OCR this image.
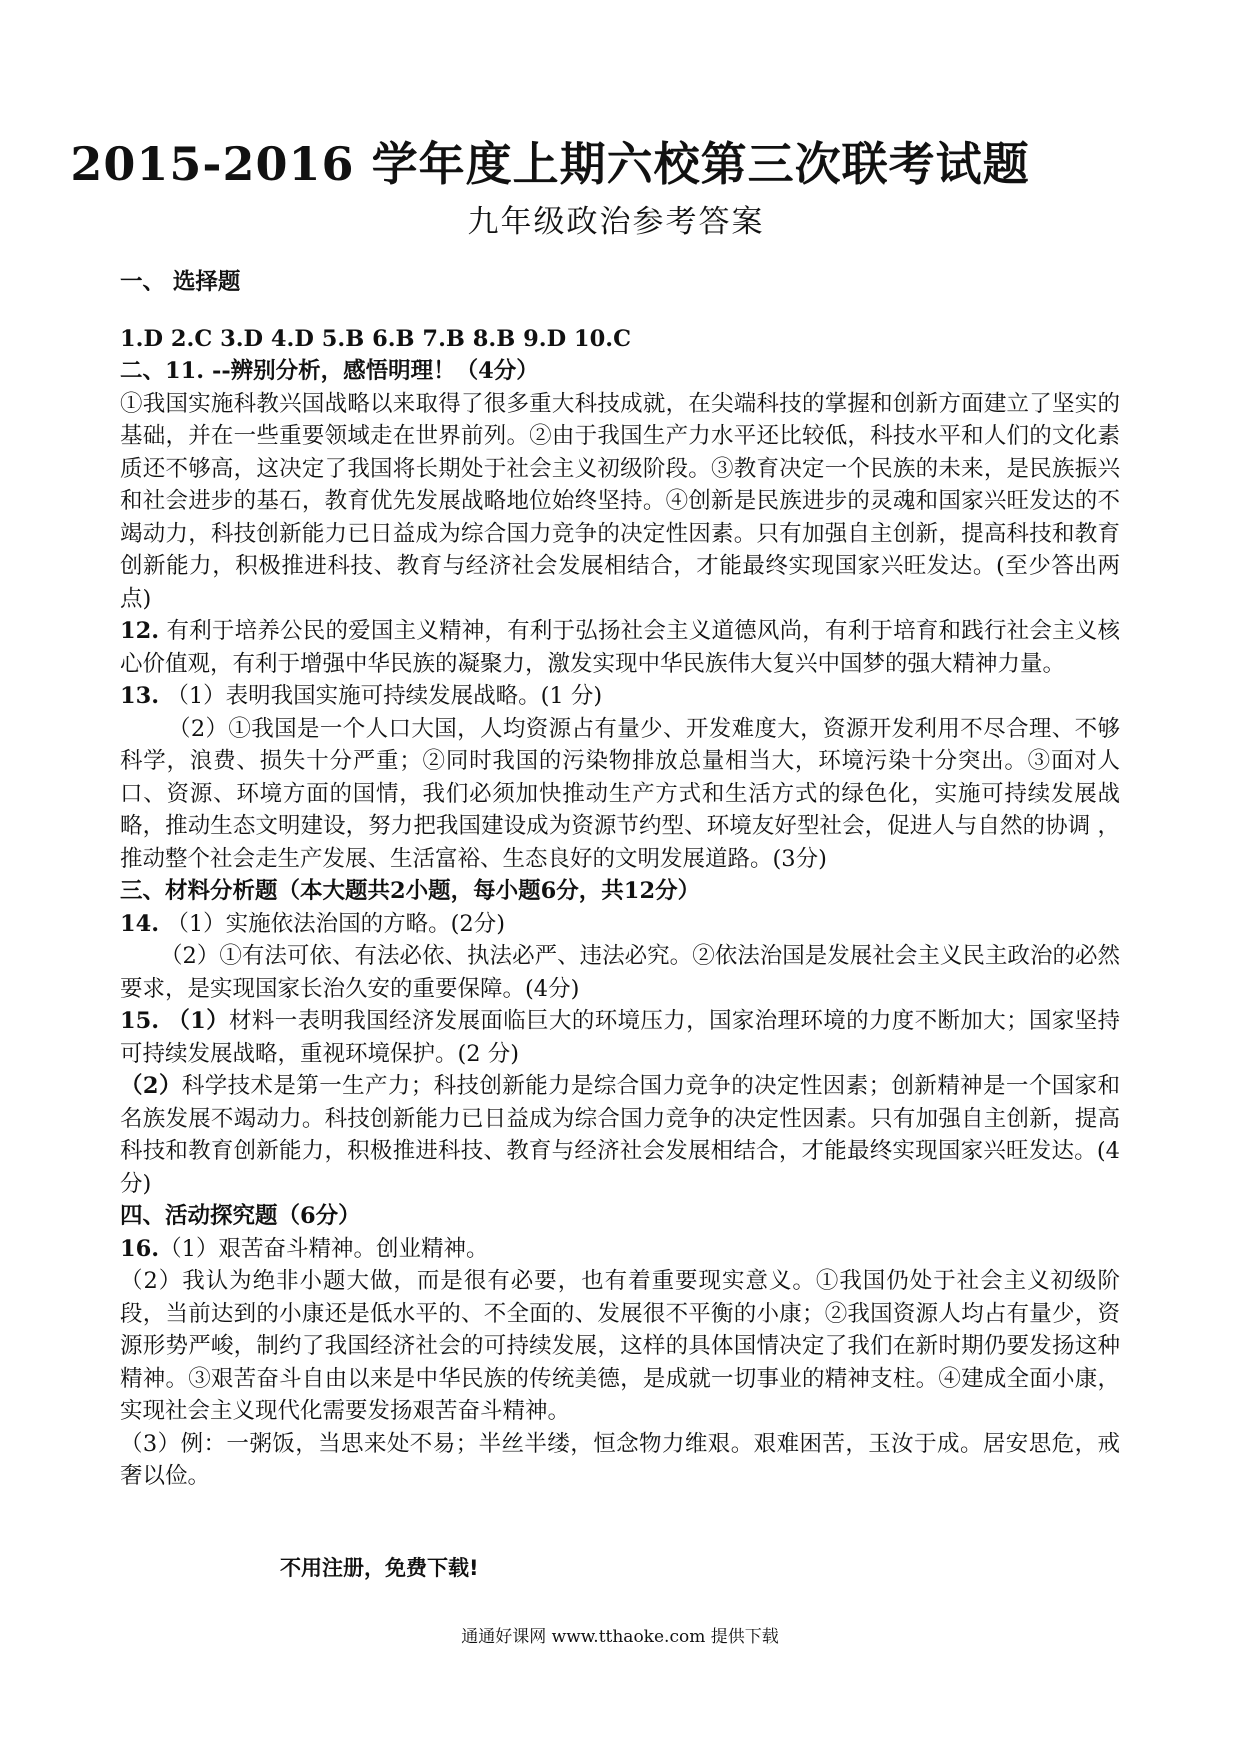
2015-2016 学年度上期六校第三次联考试题
九年级政治参考答案

一、 选择题

1.D 2.C 3.D 4.D 5.B 6.B 7.B 8.B 9.D 10.C

二、11. --辨别分析，感悟明理！（4分）

①我国实施科教兴国战略以来取得了很多重大科技成就，在尖端科技的掌握和创新方面建立了坚实的基础，并在一些重要领域走在世界前列。②由于我国生产力水平还比较低，科技水平和人们的文化素质还不够高，这决定了我国将长期处于社会主义初级阶段。③教育决定一个民族的未来，是民族振兴和社会进步的基石，教育优先发展战略地位始终坚持。④创新是民族进步的灵魂和国家兴旺发达的不竭动力，科技创新能力已日益成为综合国力竞争的决定性因素。只有加强自主创新，提高科技和教育创新能力，积极推进科技、教育与经济社会发展相结合，才能最终实现国家兴旺发达。(至少答出两点)

12. 有利于培养公民的爱国主义精神，有利于弘扬社会主义道德风尚，有利于培育和践行社会主义核心价值观，有利于增强中华民族的凝聚力，激发实现中华民族伟大复兴中国梦的强大精神力量。

13. （1）表明我国实施可持续发展战略。(1 分)

（2）①我国是一个人口大国，人均资源占有量少、开发难度大，资源开发利用不尽合理、不够科学，浪费、损失十分严重；②同时我国的污染物排放总量相当大，环境污染十分突出。③面对人口、资源、环境方面的国情，我们必须加快推动生产方式和生活方式的绿色化，实施可持续发展战略，推动生态文明建设，努力把我国建设成为资源节约型、环境友好型社会，促进人与自然的协调 ，推动整个社会走生产发展、生活富裕、生态良好的文明发展道路。(3分)

三、材料分析题（本大题共2小题，每小题6分，共12分）

14. （1）实施依法治国的方略。(2分)

（2）①有法可依、有法必依、执法必严、违法必究。②依法治国是发展社会主义民主政治的必然要求，是实现国家长治久安的重要保障。(4分)

15. （1）材料一表明我国经济发展面临巨大的环境压力，国家治理环境的力度不断加大；国家坚持可持续发展战略，重视环境保护。(2 分)

（2）科学技术是第一生产力；科技创新能力是综合国力竞争的决定性因素；创新精神是一个国家和名族发展不竭动力。科技创新能力已日益成为综合国力竞争的决定性因素。只有加强自主创新，提高科技和教育创新能力，积极推进科技、教育与经济社会发展相结合，才能最终实现国家兴旺发达。(4分)

四、活动探究题（6分）

16.（1）艰苦奋斗精神。创业精神。

（2）我认为绝非小题大做，而是很有必要，也有着重要现实意义。①我国仍处于社会主义初级阶段，当前达到的小康还是低水平的、不全面的、发展很不平衡的小康；②我国资源人均占有量少，资源形势严峻，制约了我国经济社会的可持续发展，这样的具体国情决定了我们在新时期仍要发扬这种精神。③艰苦奋斗自由以来是中华民族的传统美德，是成就一切事业的精神支柱。④建成全面小康，实现社会主义现代化需要发扬艰苦奋斗精神。

（3）例：一粥饭，当思来处不易；半丝半缕，恒念物力维艰。艰难困苦，玉汝于成。居安思危，戒奢以俭。

不用注册，免费下载!
通通好课网 www.tthaoke.com 提供下载
